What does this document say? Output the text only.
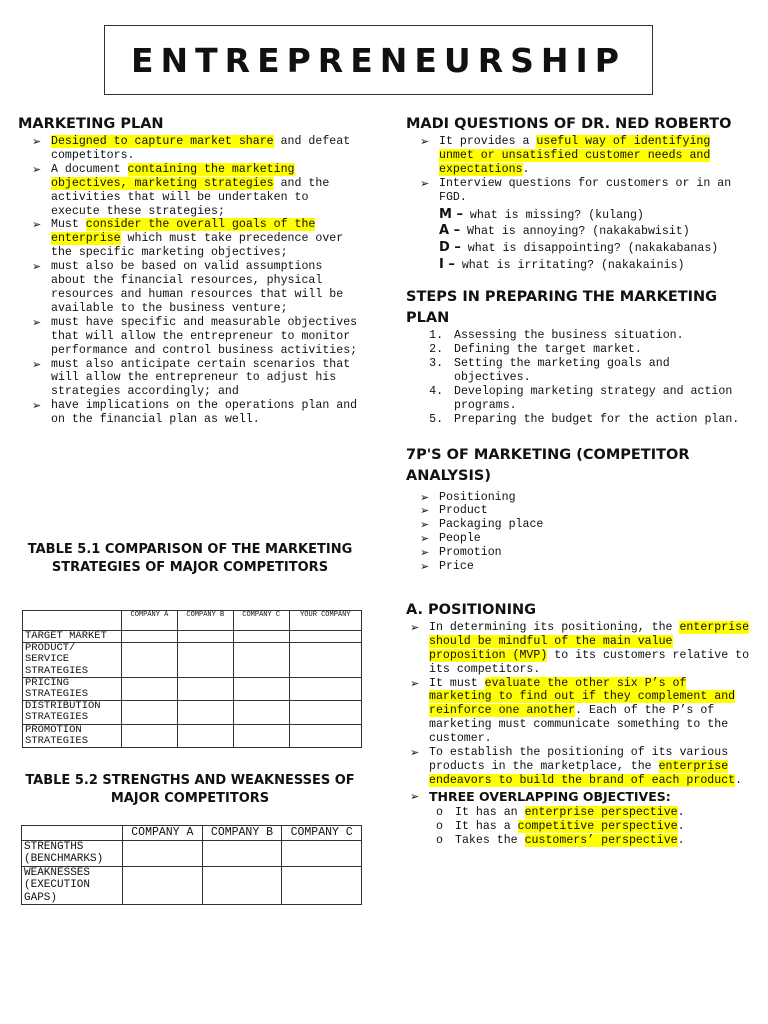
ENTREPRENEURSHIP
MARKETING PLAN
➢ Designed to capture market share and defeat competitors.
➢ A document containing the marketing objectives, marketing strategies and the activities that will be undertaken to execute these strategies;
➢ Must consider the overall goals of the enterprise which must take precedence over the specific marketing objectives;
➢ must also be based on valid assumptions about the financial resources, physical resources and human resources that will be available to the business venture;
➢ must have specific and measurable objectives that will allow the entrepreneur to monitor performance and control business activities;
➢ must also anticipate certain scenarios that will allow the entrepreneur to adjust his strategies accordingly; and
➢ have implications on the operations plan and on the financial plan as well.

TABLE 5.1 COMPARISON OF THE MARKETING STRATEGIES OF MAJOR COMPETITORS

	COMPANY A	COMPANY B	COMPANY C	YOUR COMPANY
TARGET MARKET				
PRODUCT/ SERVICE STRATEGIES				
PRICING STRATEGIES				
DISTRIBUTION STRATEGIES				
PROMOTION STRATEGIES				

TABLE 5.2 STRENGTHS AND WEAKNESSES OF MAJOR COMPETITORS

	COMPANY A	COMPANY B	COMPANY C
STRENGTHS (BENCHMARKS)			
WEAKNESSES (EXECUTION GAPS)			
MADI QUESTIONS OF DR. NED ROBERTO
➢ It provides a useful way of identifying unmet or unsatisfied customer needs and expectations.
➢ Interview questions for customers or in an FGD.
M – what is missing? (kulang)
A – What is annoying? (nakakabwisit)
D – what is disappointing? (nakakabanas)
I – what is irritating? (nakakainis)
STEPS IN PREPARING THE MARKETING PLAN
1. Assessing the business situation.
2. Defining the target market.
3. Setting the marketing goals and objectives.
4. Developing marketing strategy and action programs.
5. Preparing the budget for the action plan.
7P'S OF MARKETING (COMPETITOR ANALYSIS)
➢ Positioning
➢ Product
➢ Packaging place
➢ People
➢ Promotion
➢ Price
A. POSITIONING
➢ In determining its positioning, the enterprise should be mindful of the main value proposition (MVP) to its customers relative to its competitors.
➢ It must evaluate the other six P’s of marketing to find out if they complement and reinforce one another. Each of the P’s of marketing must communicate something to the customer.
➢ To establish the positioning of its various products in the marketplace, the enterprise endeavors to build the brand of each product.
➢ THREE OVERLAPPING OBJECTIVES:
o It has an enterprise perspective.
o It has a competitive perspective.
o Takes the customers’ perspective.
